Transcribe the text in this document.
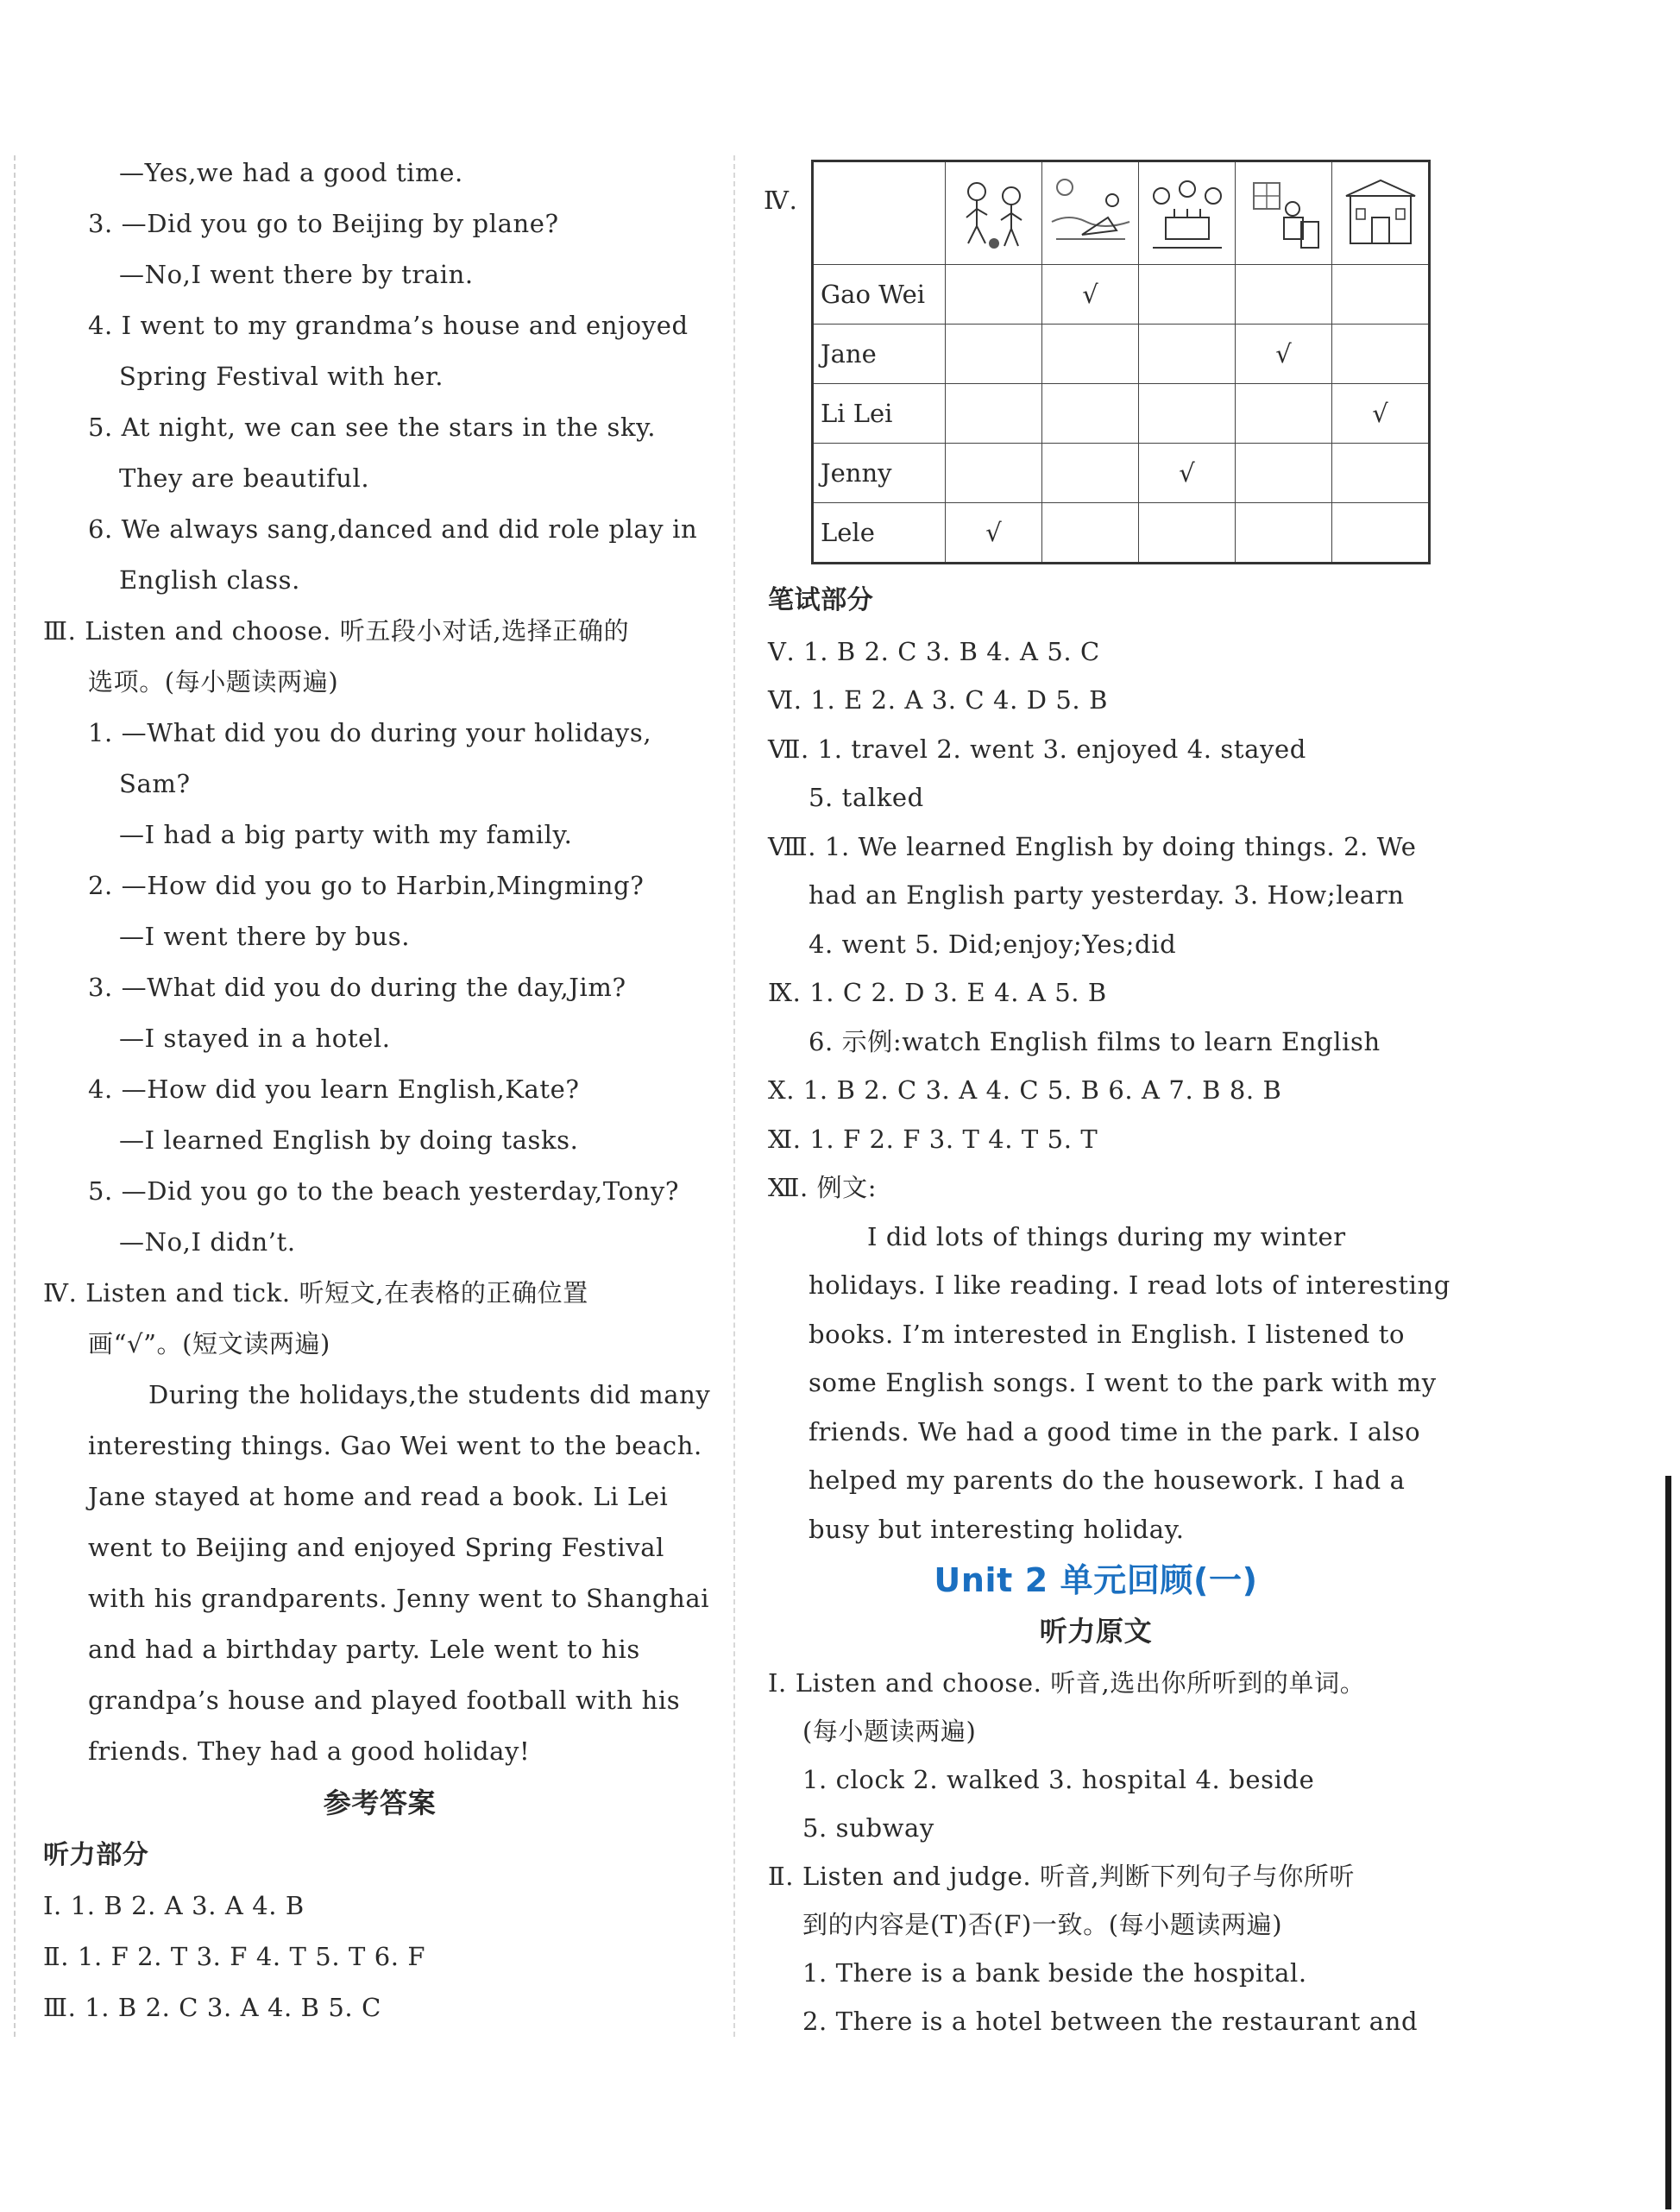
—Yes,we had a good time.
3. —Did you go to Beijing by plane?
—No,I went there by train.
4. I went to my grandma’s house and enjoyed
Spring Festival with her.
5. At night, we can see the stars in the sky.
They are beautiful.
6. We always sang,danced and did role play in
English class.
Ⅲ. Listen and choose. 听五段小对话,选择正确的
选项。(每小题读两遍)
1. —What did you do during your holidays,
Sam?
—I had a big party with my family.
2. —How did you go to Harbin,Mingming?
—I went there by bus.
3. —What did you do during the day,Jim?
—I stayed in a hotel.
4. —How did you learn English,Kate?
—I learned English by doing tasks.
5. —Did you go to the beach yesterday,Tony?
—No,I didn’t.
Ⅳ. Listen and tick. 听短文,在表格的正确位置
画“√”。(短文读两遍)
During the holidays,the students did many
interesting things. Gao Wei went to the beach.
Jane stayed at home and read a book. Li Lei
went to Beijing and enjoyed Spring Festival
with his grandparents. Jenny went to Shanghai
and had a birthday party. Lele went to his
grandpa’s house and played football with his
friends. They had a good holiday!
参考答案
听力部分
Ⅰ. 1. B 2. A 3. A 4. B
Ⅱ. 1. F 2. T 3. F 4. T 5. T 6. F
Ⅲ. 1. B 2. C 3. A 4. B 5. C
Ⅳ.

Gao Wei		√			
Jane				√	
Li Lei					√
Jenny			√		
Lele	√				
笔试部分
Ⅴ. 1. B 2. C 3. B 4. A 5. C
Ⅵ. 1. E 2. A 3. C 4. D 5. B
Ⅶ. 1. travel 2. went 3. enjoyed 4. stayed
5. talked
Ⅷ. 1. We learned English by doing things. 2. We
had an English party yesterday. 3. How;learn
4. went 5. Did;enjoy;Yes;did
Ⅸ. 1. C 2. D 3. E 4. A 5. B
6. 示例:watch English films to learn English
Ⅹ. 1. B 2. C 3. A 4. C 5. B 6. A 7. B 8. B
Ⅺ. 1. F 2. F 3. T 4. T 5. T
Ⅻ. 例文:
I did lots of things during my winter
holidays. I like reading. I read lots of interesting
books. I’m interested in English. I listened to
some English songs. I went to the park with my
friends. We had a good time in the park. I also
helped my parents do the housework. I had a
busy but interesting holiday.
Unit 2 单元回顾(一)
听力原文
Ⅰ. Listen and choose. 听音,选出你所听到的单词。
(每小题读两遍)
1. clock 2. walked 3. hospital 4. beside
5. subway
Ⅱ. Listen and judge. 听音,判断下列句子与你所听
到的内容是(T)否(F)一致。(每小题读两遍)
1. There is a bank beside the hospital.
2. There is a hotel between the restaurant and
